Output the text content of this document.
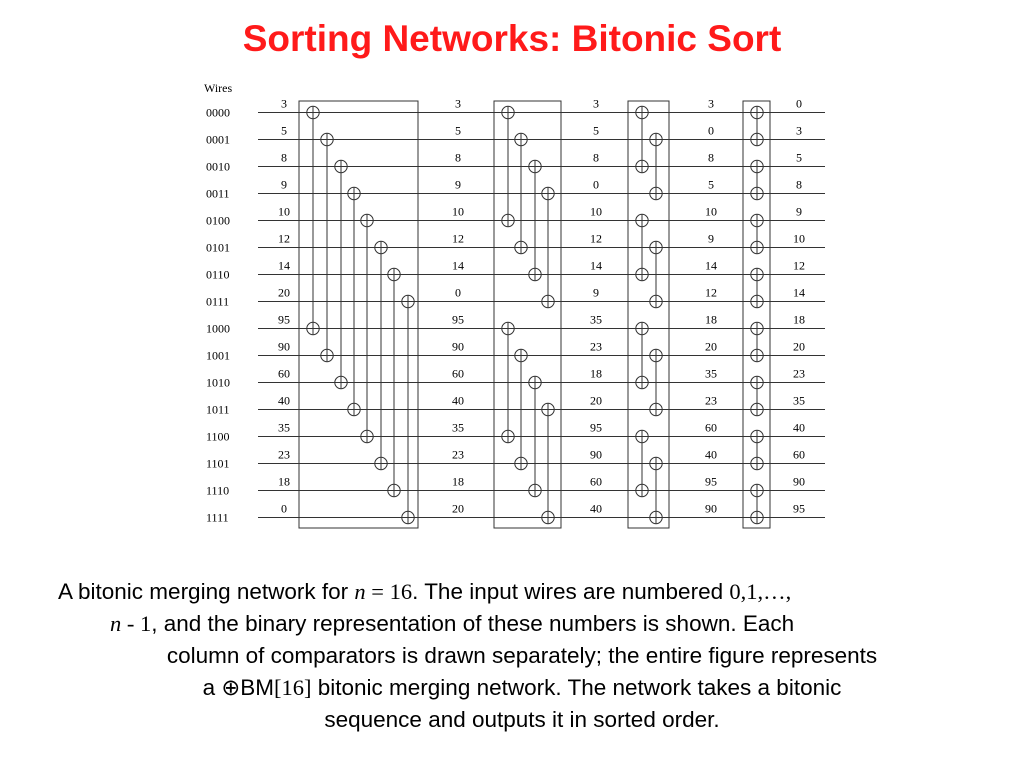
Sorting Networks: Bitonic Sort
Wires
0000
0001
0010
0011
0100
0101
0110
0111
1000
1001
1010
1011
1100
1101
1110
1111
3
5
8
9
10
12
14
20
95
90
60
40
35
23
18
0
3
5
8
9
10
12
14
0
95
90
60
40
35
23
18
20
3
5
8
0
10
12
14
9
35
23
18
20
95
90
60
40
3
0
8
5
10
9
14
12
18
20
35
23
60
40
95
90
0
3
5
8
9
10
12
14
18
20
23
35
40
60
90
95
A bitonic merging network for n = 16. The input wires are numbered 0,1,…,
n - 1, and the binary representation of these numbers is shown. Each
column of comparators is drawn separately; the entire figure represents
a ⊕BM[16] bitonic merging network. The network takes a bitonic
sequence and outputs it in sorted order.
